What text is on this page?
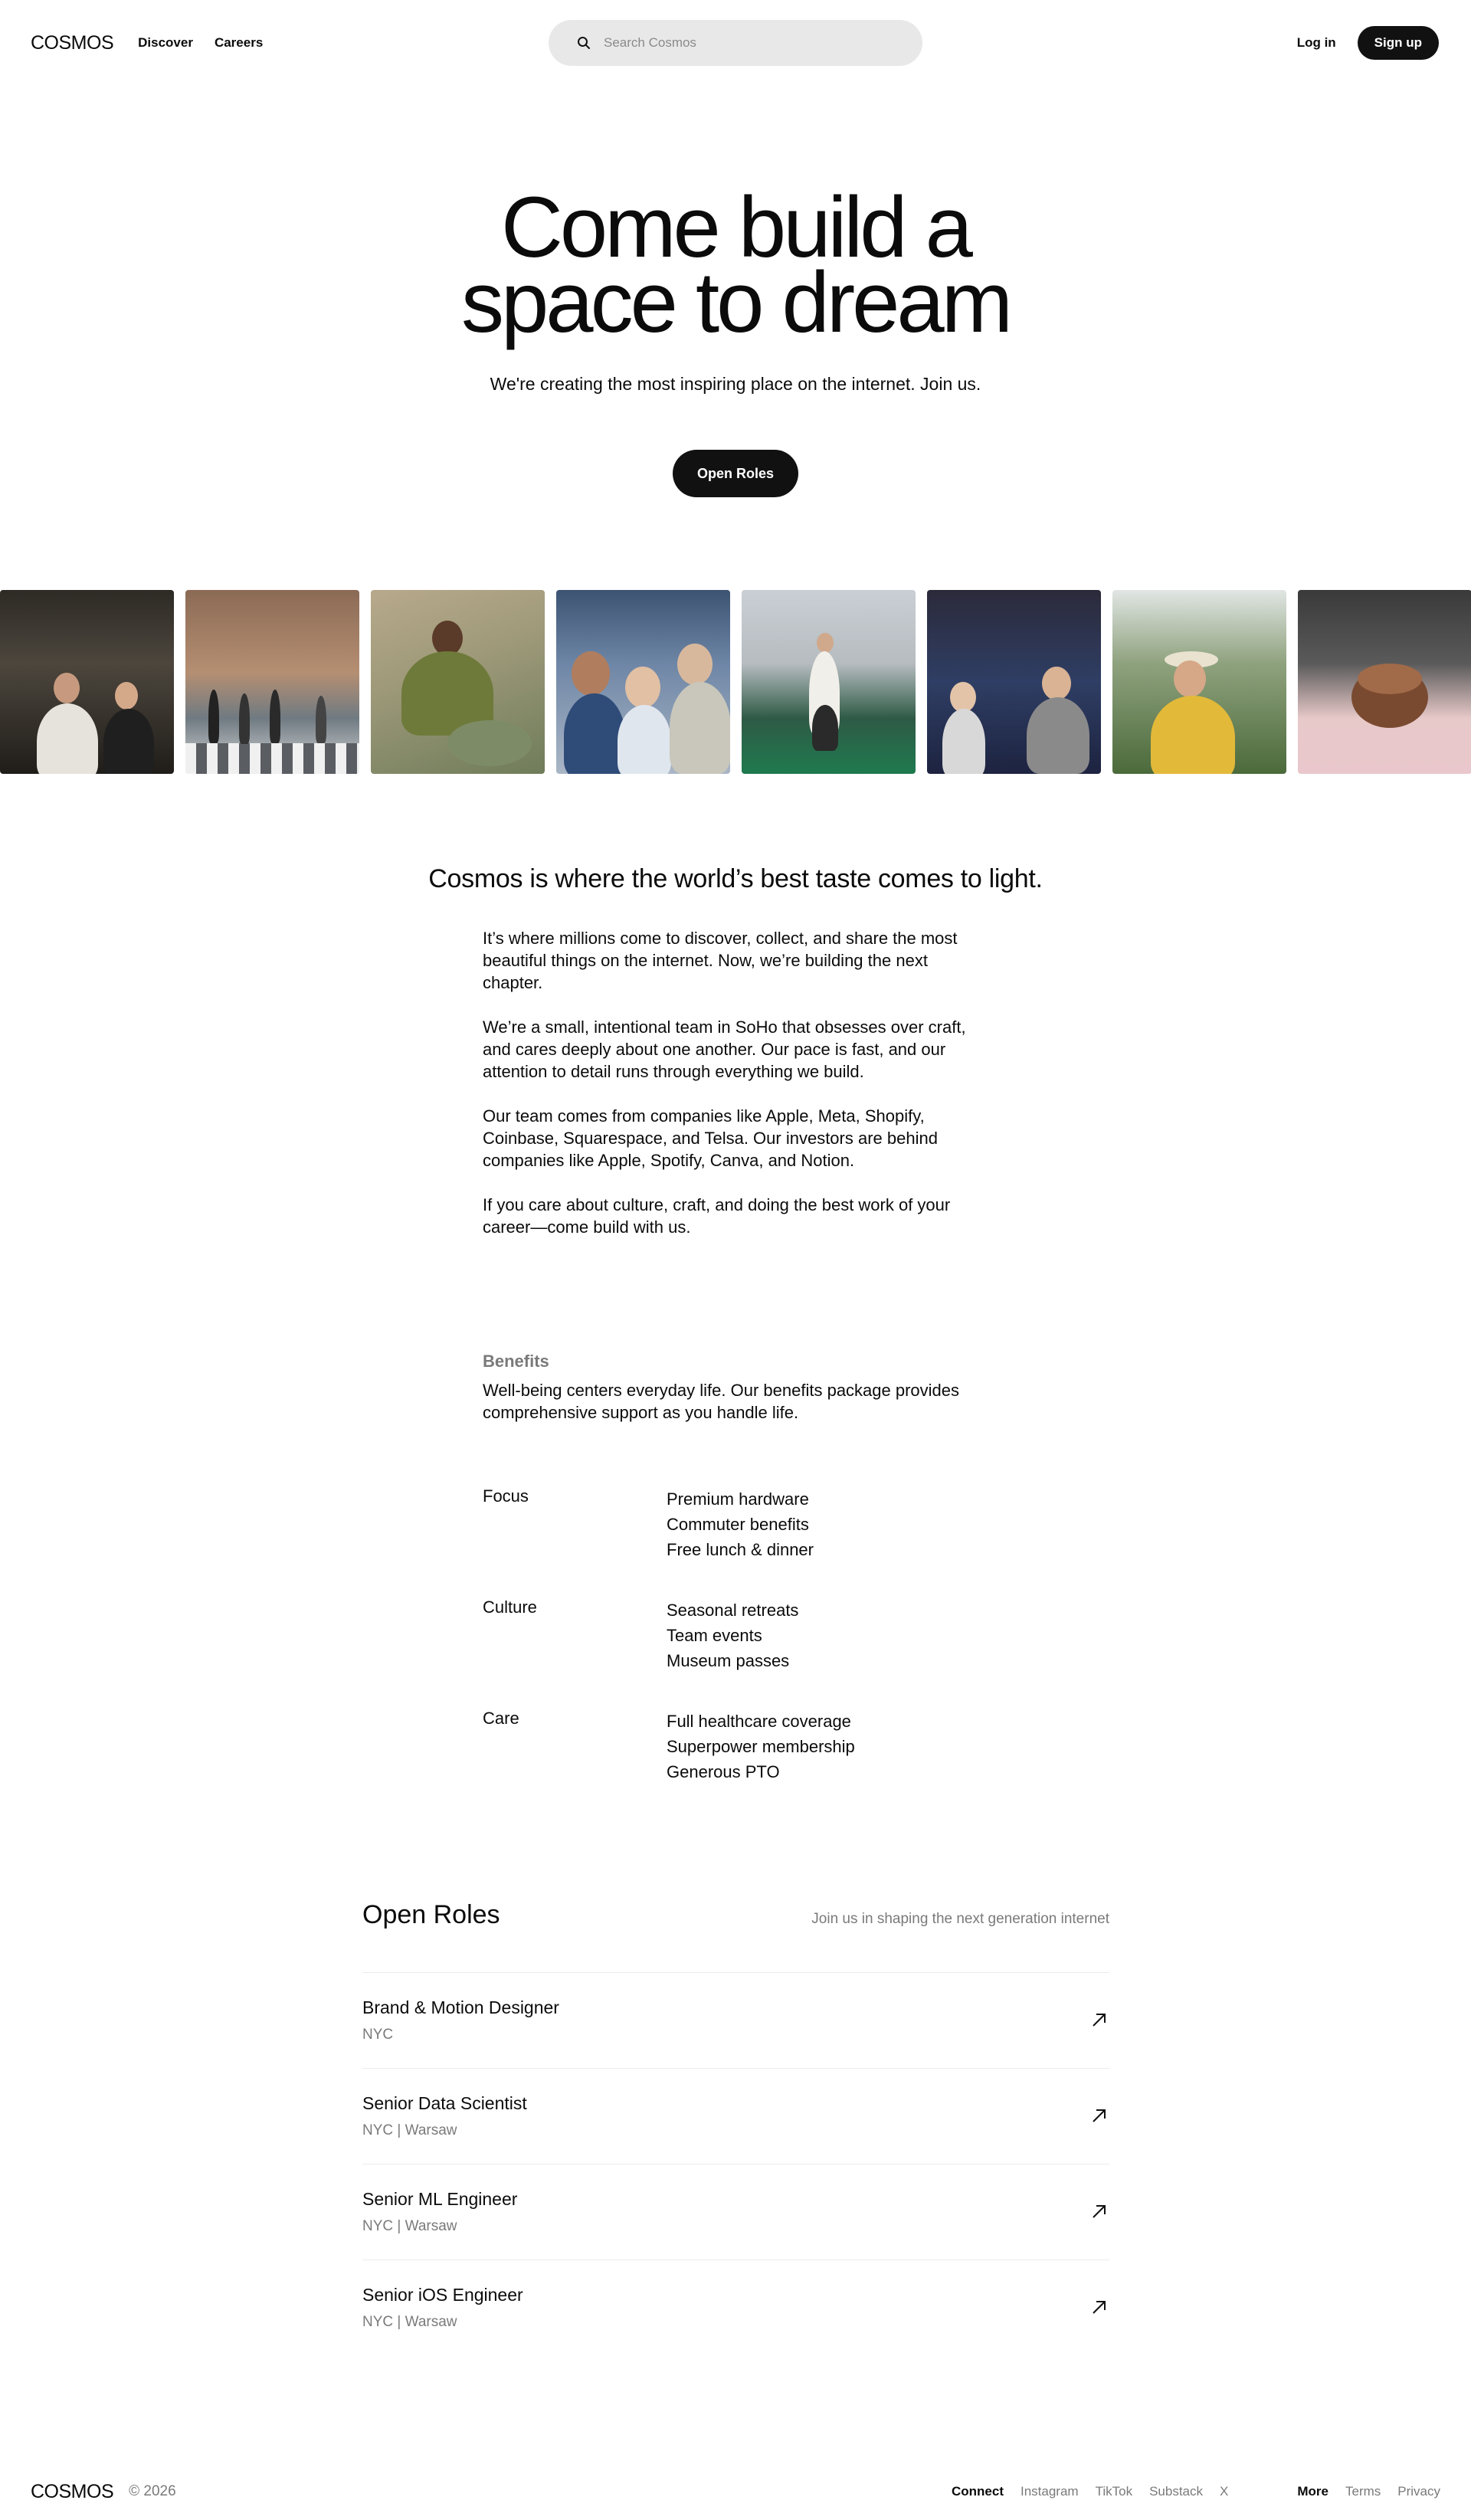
COSMOS Discover Careers
Search Cosmos	Log in	Sign up
Come build a
space to dream

We're creating the most inspiring place on the internet. Join us.

Open Roles
Cosmos is where the world’s best taste comes to light.

It’s where millions come to discover, collect, and share the most beautiful things on the internet. Now, we’re building the next chapter.

We’re a small, intentional team in SoHo that obsesses over craft, and cares deeply about one another. Our pace is fast, and our attention to detail runs through everything we build.

Our team comes from companies like Apple, Meta, Shopify, Coinbase, Squarespace, and Telsa. Our investors are behind companies like Apple, Spotify, Canva, and Notion.

If you care about culture, craft, and doing the best work of your career—come build with us.

Benefits
Well-being centers everyday life. Our benefits package provides comprehensive support as you handle life.
Focus	Premium hardware
Commuter benefits
Free lunch & dinner
Culture	Seasonal retreats
Team events
Museum passes
Care	Full healthcare coverage
Superpower membership
Generous PTO
Open Roles	Join us in shaping the next generation internet
Brand & Motion Designer
NYC
Senior Data Scientist
NYC | Warsaw
Senior ML Engineer
NYC | Warsaw
Senior iOS Engineer
NYC | Warsaw
COSMOS © 2026	Connect Instagram TikTok Substack X	More Terms Privacy
